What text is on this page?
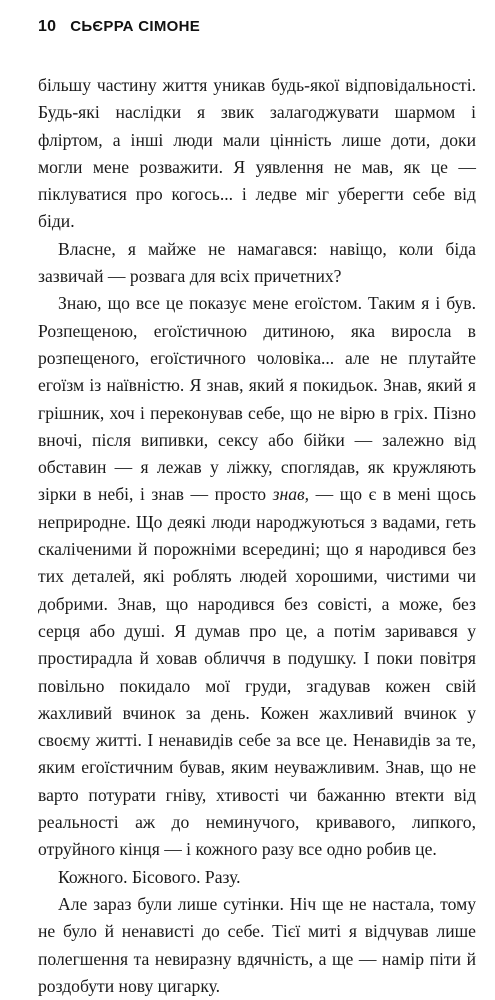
10 СЬЄРРА СІМОНЕ

більшу частину життя уникав будь-якої відповідальності. Будь-які наслідки я звик залагоджувати шармом і фліртом, а інші люди мали цінність лише доти, доки могли мене розважити. Я уявлення не мав, як це — піклуватися про когось... і ледве міг уберегти себе від біди.

Власне, я майже не намагався: навіщо, коли біда зазвичай — розвага для всіх причетних?

Знаю, що все це показує мене егоїстом. Таким я і був. Розпещеною, егоїстичною дитиною, яка виросла в розпещеного, егоїстичного чоловіка... але не плутайте егоїзм із наївністю. Я знав, який я покидьок. Знав, який я грішник, хоч і переконував себе, що не вірю в гріх. Пізно вночі, після випивки, сексу або бійки — залежно від обставин — я лежав у ліжку, споглядав, як кружляють зірки в небі, і знав — просто знав, — що є в мені щось неприродне. Що деякі люди народжуються з вадами, геть скаліченими й порожніми всередині; що я народився без тих деталей, які роблять людей хорошими, чистими чи добрими. Знав, що народився без совісті, а може, без серця або душі. Я думав про це, а потім заривався у простирадла й ховав обличчя в подушку. І поки повітря повільно покидало мої груди, згадував кожен свій жахливий вчинок за день. Кожен жахливий вчинок у своєму житті. І ненавидів себе за все це. Ненавидів за те, яким егоїстичним бував, яким неуважливим. Знав, що не варто потурати гніву, хтивості чи бажанню втекти від реальності аж до неминучого, кривавого, липкого, отруйного кінця — і кожного разу все одно робив це.

Кожного. Бісового. Разу.

Але зараз були лише сутінки. Ніч ще не настала, тому не було й ненависті до себе. Тієї миті я відчував лише полегшення та невиразну вдячність, а ще — намір піти й роздобути нову цигарку.
